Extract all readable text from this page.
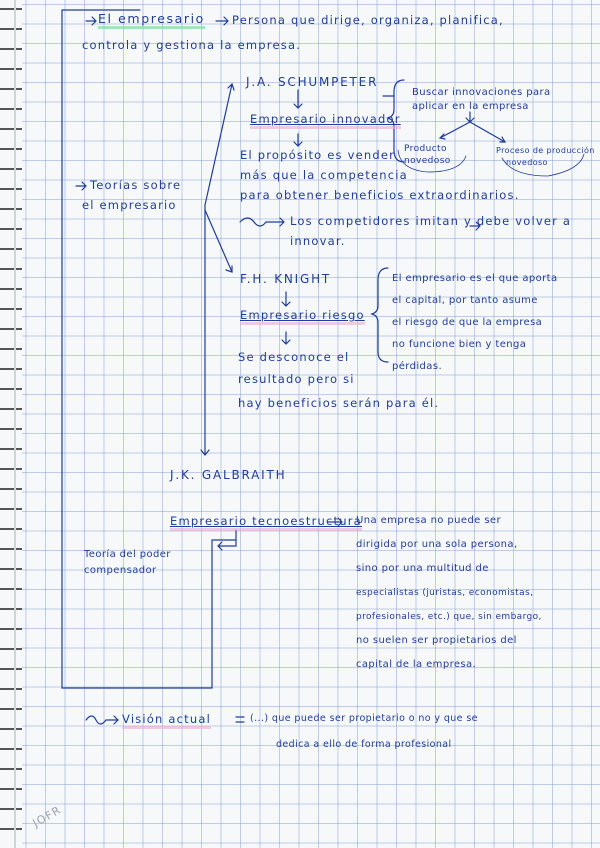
El empresario Persona que dirige, organiza, planifica,
controla y gestiona la empresa.
Teorías sobre
el empresario
J.A. SCHUMPETER
Empresario innovador
Buscar innovaciones para
aplicar en la empresa
Producto
novedoso
Proceso de producción
novedoso
El propósito es vender
más que la competencia
para obtener beneficios extraordinarios.
Los competidores imitan y debe volver a
innovar.
F.H. KNIGHT
Empresario riesgo
El empresario es el que aporta
el capital, por tanto asume
el riesgo de que la empresa
no funcione bien y tenga
pérdidas.
Se desconoce el
resultado pero si
hay beneficios serán para él.
J.K. GALBRAITH
Empresario tecnoestructura
Teoría del poder
compensador
Una empresa no puede ser
dirigida por una sola persona,
sino por una multitud de
especialistas (juristas, economistas,
profesionales, etc.) que, sin embargo,
no suelen ser propietarios del
capital de la empresa.
Visión actual	(...) que puede ser propietario o no y que se
dedica a ello de forma profesional
JOFR
